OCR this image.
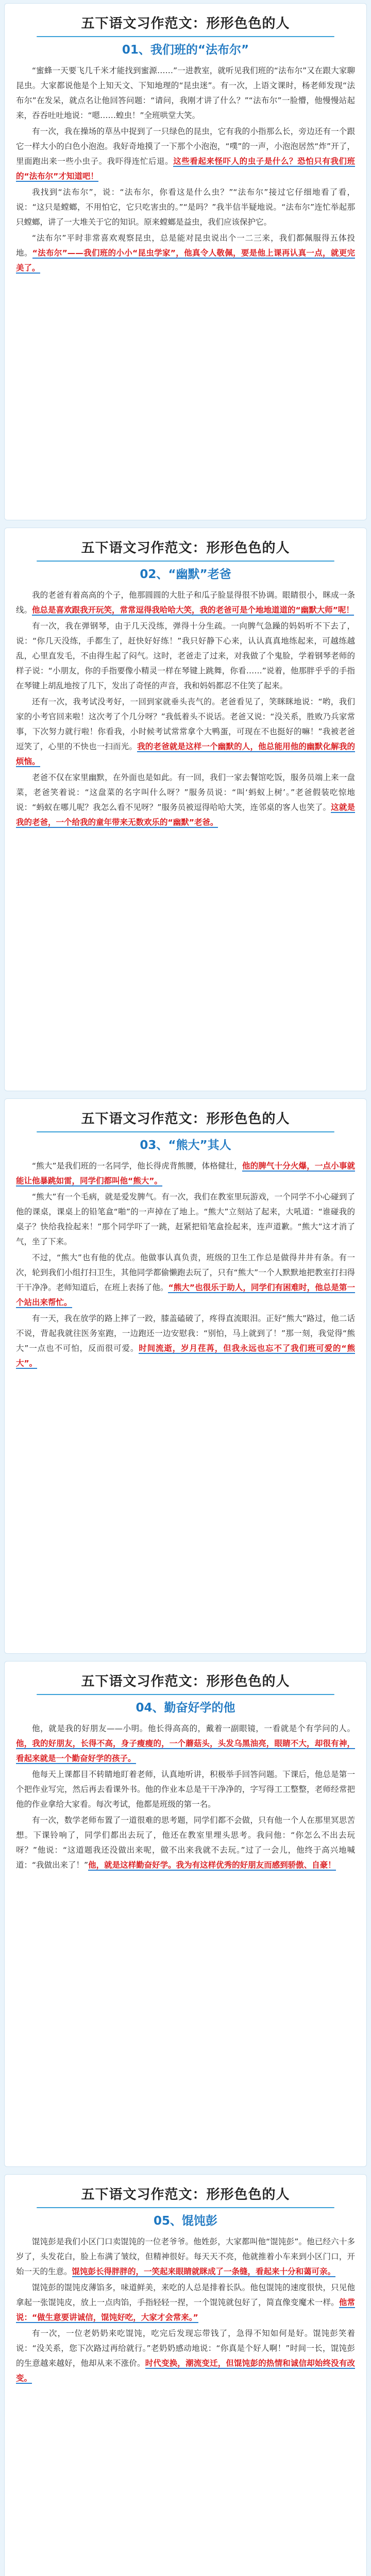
五下语文习作范文：形形色色的人
01、我们班的“法布尔”

“蜜蜂一天要飞几千米才能找到蜜源……”一进教室，就听见我们班的“法布尔”又在跟大家聊昆虫。大家都说他是个上知天文、下知地理的“昆虫迷”。有一次，上语文课时，杨老师发现“法布尔”在发呆，就点名让他回答问题：“请问，我刚才讲了什么？”“法布尔”一脸懵，他慢慢站起来，吞吞吐吐地说：“嗯……蝗虫！”全班哄堂大笑。

有一次，我在操场的草丛中捉到了一只绿色的昆虫，它有我的小指那么长，旁边还有一个跟它一样大小的白色小泡泡。我好奇地摸了一下那个小泡泡，“噗”的一声，小泡泡居然“炸”开了，里面跑出来一些小虫子。我吓得连忙后退。这些看起来怪吓人的虫子是什么？恐怕只有我们班的“法布尔”才知道吧！

我找到“法布尔”，说：“法布尔，你看这是什么虫？”“法布尔”接过它仔细地看了看，说：“这只是螳螂，不用怕它，它只吃害虫的。”“是吗？”我半信半疑地说。“法布尔”连忙举起那只螳螂，讲了一大堆关于它的知识。原来螳螂是益虫，我们应该保护它。

“法布尔”平时非常喜欢观察昆虫，总是能对昆虫说出个一二三来，我们都佩服得五体投地。“法布尔”——我们班的小小“昆虫学家”，他真令人敬佩，要是他上课再认真一点，就更完美了。

五下语文习作范文：形形色色的人
02、“幽默”老爸

我的老爸有着高高的个子，他那圆圆的大肚子和瓜子脸显得很不协调。眼睛很小，眯成一条线。他总是喜欢跟我开玩笑，常常逗得我哈哈大笑，我的老爸可是个地地道道的“幽默大师”呢！

有一次，我在弹钢琴，由于几天没练，弹得十分生疏。一向脾气急躁的妈妈听不下去了，说：“你几天没练，手都生了，赶快好好练！”我只好静下心来，认认真真地练起来，可越练越乱，心里直发毛，不由得生起了闷气。这时，老爸走了过来，对我做了个鬼脸，学着钢琴老师的样子说：“小朋友，你的手指要像小精灵一样在琴键上跳舞，你看……”说着，他那胖乎乎的手指在琴键上胡乱地按了几下，发出了奇怪的声音，我和妈妈都忍不住笑了起来。

还有一次，我考试没考好，一回到家就垂头丧气的。老爸看见了，笑眯眯地说：“哟，我们家的小考官回来啦！这次考了个几分呀？”我低着头不说话。老爸又说：“没关系，胜败乃兵家常事，下次努力就行啦！你看我，小时候考试常常拿个大鸭蛋，可现在不也挺好的嘛！”我被老爸逗笑了，心里的不快也一扫而光。我的老爸就是这样一个幽默的人，他总能用他的幽默化解我的烦恼。

老爸不仅在家里幽默，在外面也是如此。有一回，我们一家去餐馆吃饭，服务员端上来一盘菜，老爸笑着说：“这盘菜的名字叫什么呀？”服务员说：“叫‘蚂蚁上树’。”老爸假装吃惊地说：“蚂蚁在哪儿呢？我怎么看不见呀？”服务员被逗得哈哈大笑，连邻桌的客人也笑了。这就是我的老爸，一个给我的童年带来无数欢乐的“幽默”老爸。

五下语文习作范文：形形色色的人
03、“熊大”其人

“熊大”是我们班的一名同学，他长得虎背熊腰，体格健壮，他的脾气十分火爆，一点小事就能让他暴跳如雷，同学们都叫他“熊大”。

“熊大”有一个毛病，就是爱发脾气。有一次，我们在教室里玩游戏，一个同学不小心碰到了他的课桌，课桌上的铅笔盒“啪”的一声掉在了地上。“熊大”立刻站了起来，大吼道：“谁碰我的桌子？快给我捡起来！”那个同学吓了一跳，赶紧把铅笔盒捡起来，连声道歉。“熊大”这才消了气，坐了下来。

不过，“熊大”也有他的优点。他做事认真负责，班级的卫生工作总是做得井井有条。有一次，轮到我们小组打扫卫生，其他同学都偷懒跑去玩了，只有“熊大”一个人默默地把教室打扫得干干净净。老师知道后，在班上表扬了他。“熊大”也很乐于助人，同学们有困难时，他总是第一个站出来帮忙。

有一天，我在放学的路上摔了一跤，膝盖磕破了，疼得直流眼泪。正好“熊大”路过，他二话不说，背起我就往医务室跑，一边跑还一边安慰我：“别怕，马上就到了！”那一刻，我觉得“熊大”一点也不可怕，反而很可爱。时间流逝，岁月荏苒，但我永远也忘不了我们班可爱的“熊大”。

五下语文习作范文：形形色色的人
04、勤奋好学的他

他，就是我的好朋友——小明。他长得高高的，戴着一副眼镜，一看就是个有学问的人。他，我的好朋友，长得不高，身子瘦瘦的，一个蘑菇头，头发乌黑油亮，眼睛不大，却很有神，看起来就是一个勤奋好学的孩子。

他每天上课都目不转睛地盯着老师，认真地听讲，积极举手回答问题。下课后，他总是第一个把作业写完，然后再去看课外书。他的作业本总是干干净净的，字写得工工整整，老师经常把他的作业拿给大家看。每次考试，他都是班级的第一名。

有一次，数学老师布置了一道很难的思考题，同学们都不会做，只有他一个人在那里冥思苦想。下课铃响了，同学们都出去玩了，他还在教室里埋头思考。我问他：“你怎么不出去玩呀？”他说：“这道题我还没做出来呢，做不出来我就不去玩。”过了一会儿，他终于高兴地喊道：“我做出来了！”他，就是这样勤奋好学。我为有这样优秀的好朋友而感到骄傲、自豪！

五下语文习作范文：形形色色的人
05、馄饨彭

馄饨彭是我们小区门口卖馄饨的一位老爷爷。他姓彭，大家都叫他“馄饨彭”。他已经六十多岁了，头发花白，脸上布满了皱纹，但精神很好。每天天不亮，他就推着小车来到小区门口，开始一天的生意。馄饨彭长得胖胖的，一笑起来眼睛就眯成了一条缝，看起来十分和蔼可亲。

馄饨彭的馄饨皮薄馅多，味道鲜美，来吃的人总是排着长队。他包馄饨的速度很快，只见他拿起一张馄饨皮，放上一点肉馅，手指轻轻一捏，一个馄饨就包好了，简直像变魔术一样。他常说：“做生意要讲诚信，馄饨好吃，大家才会常来。”

有一次，一位老奶奶来吃馄饨，吃完后发现忘带钱了，急得不知如何是好。馄饨彭笑着说：“没关系，您下次路过再给就行。”老奶奶感动地说：“你真是个好人啊！”时间一长，馄饨彭的生意越来越好，他却从来不涨价。时代变换，潮流变迁，但馄饨彭的热情和诚信却始终没有改变。
